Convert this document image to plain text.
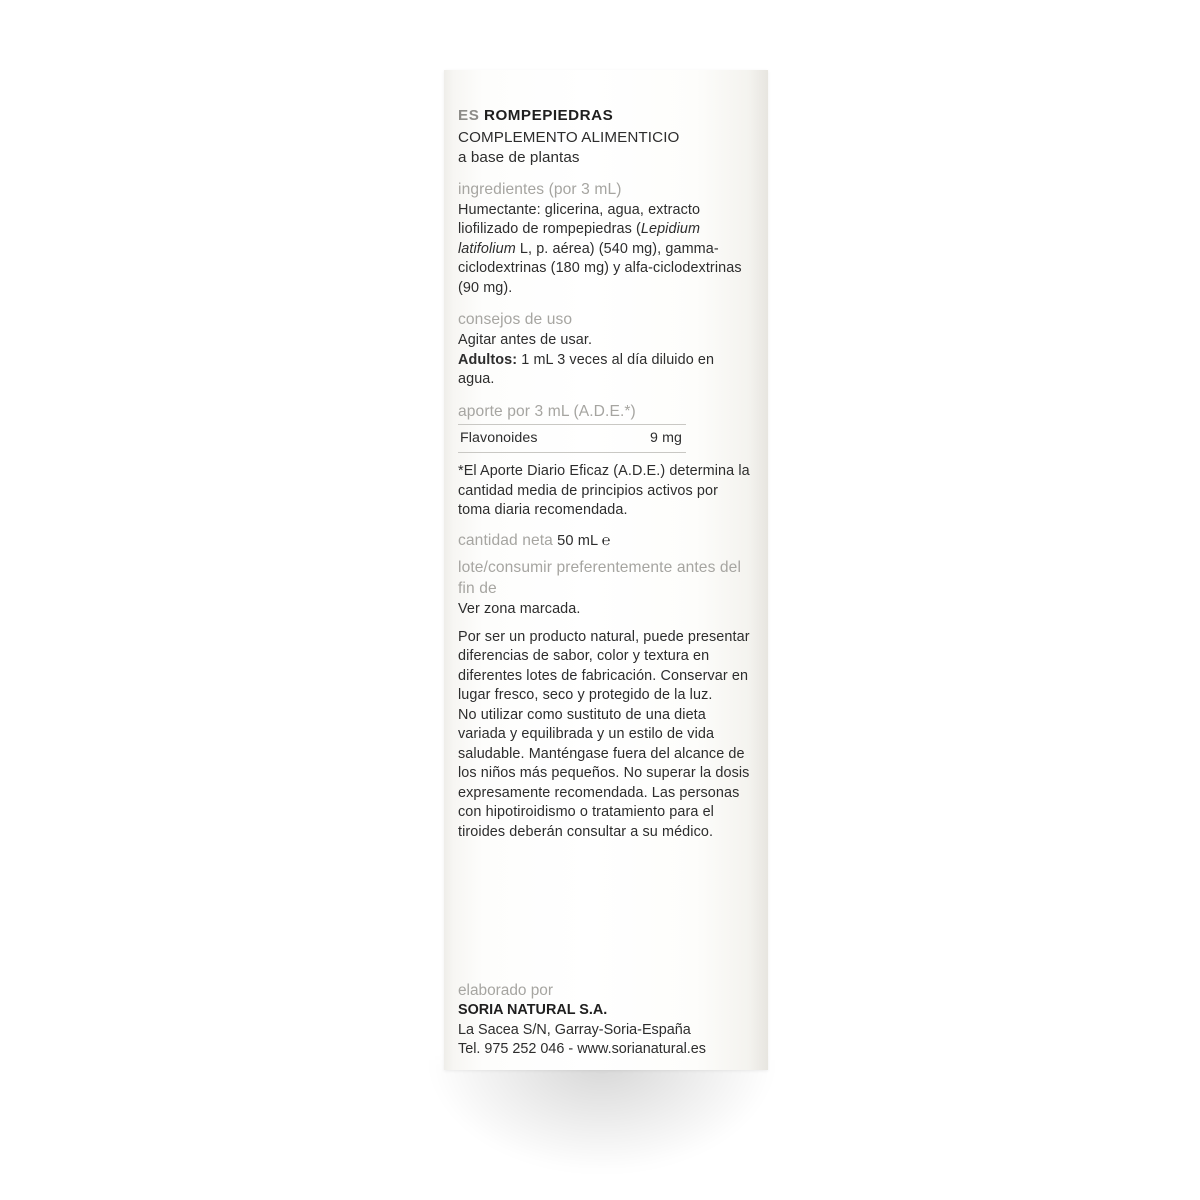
ES ROMPEPIEDRAS
COMPLEMENTO ALIMENTICIO
a base de plantas
ingredientes (por 3 mL)
Humectante: glicerina, agua, extracto liofilizado de rompepiedras (Lepidium latifolium L, p. aérea) (540 mg), gamma-ciclodextrinas (180 mg) y alfa-ciclodextrinas (90 mg).
consejos de uso
Agitar antes de usar.
Adultos: 1 mL 3 veces al día diluido en agua.
aporte por 3 mL (A.D.E.*)
Flavonoides	9 mg
*El Aporte Diario Eficaz (A.D.E.) determina la cantidad media de principios activos por toma diaria recomendada.
cantidad neta 50 mL ℮
lote/consumir preferentemente antes del fin de
Ver zona marcada.
Por ser un producto natural, puede presentar diferencias de sabor, color y textura en diferentes lotes de fabricación. Conservar en lugar fresco, seco y protegido de la luz.
No utilizar como sustituto de una dieta variada y equilibrada y un estilo de vida saludable. Manténgase fuera del alcance de los niños más pequeños. No superar la dosis expresamente recomendada. Las personas con hipotiroidismo o tratamiento para el tiroides deberán consultar a su médico.
elaborado por
SORIA NATURAL S.A.
La Sacea S/N, Garray-Soria-España
Tel. 975 252 046 - www.sorianatural.es
